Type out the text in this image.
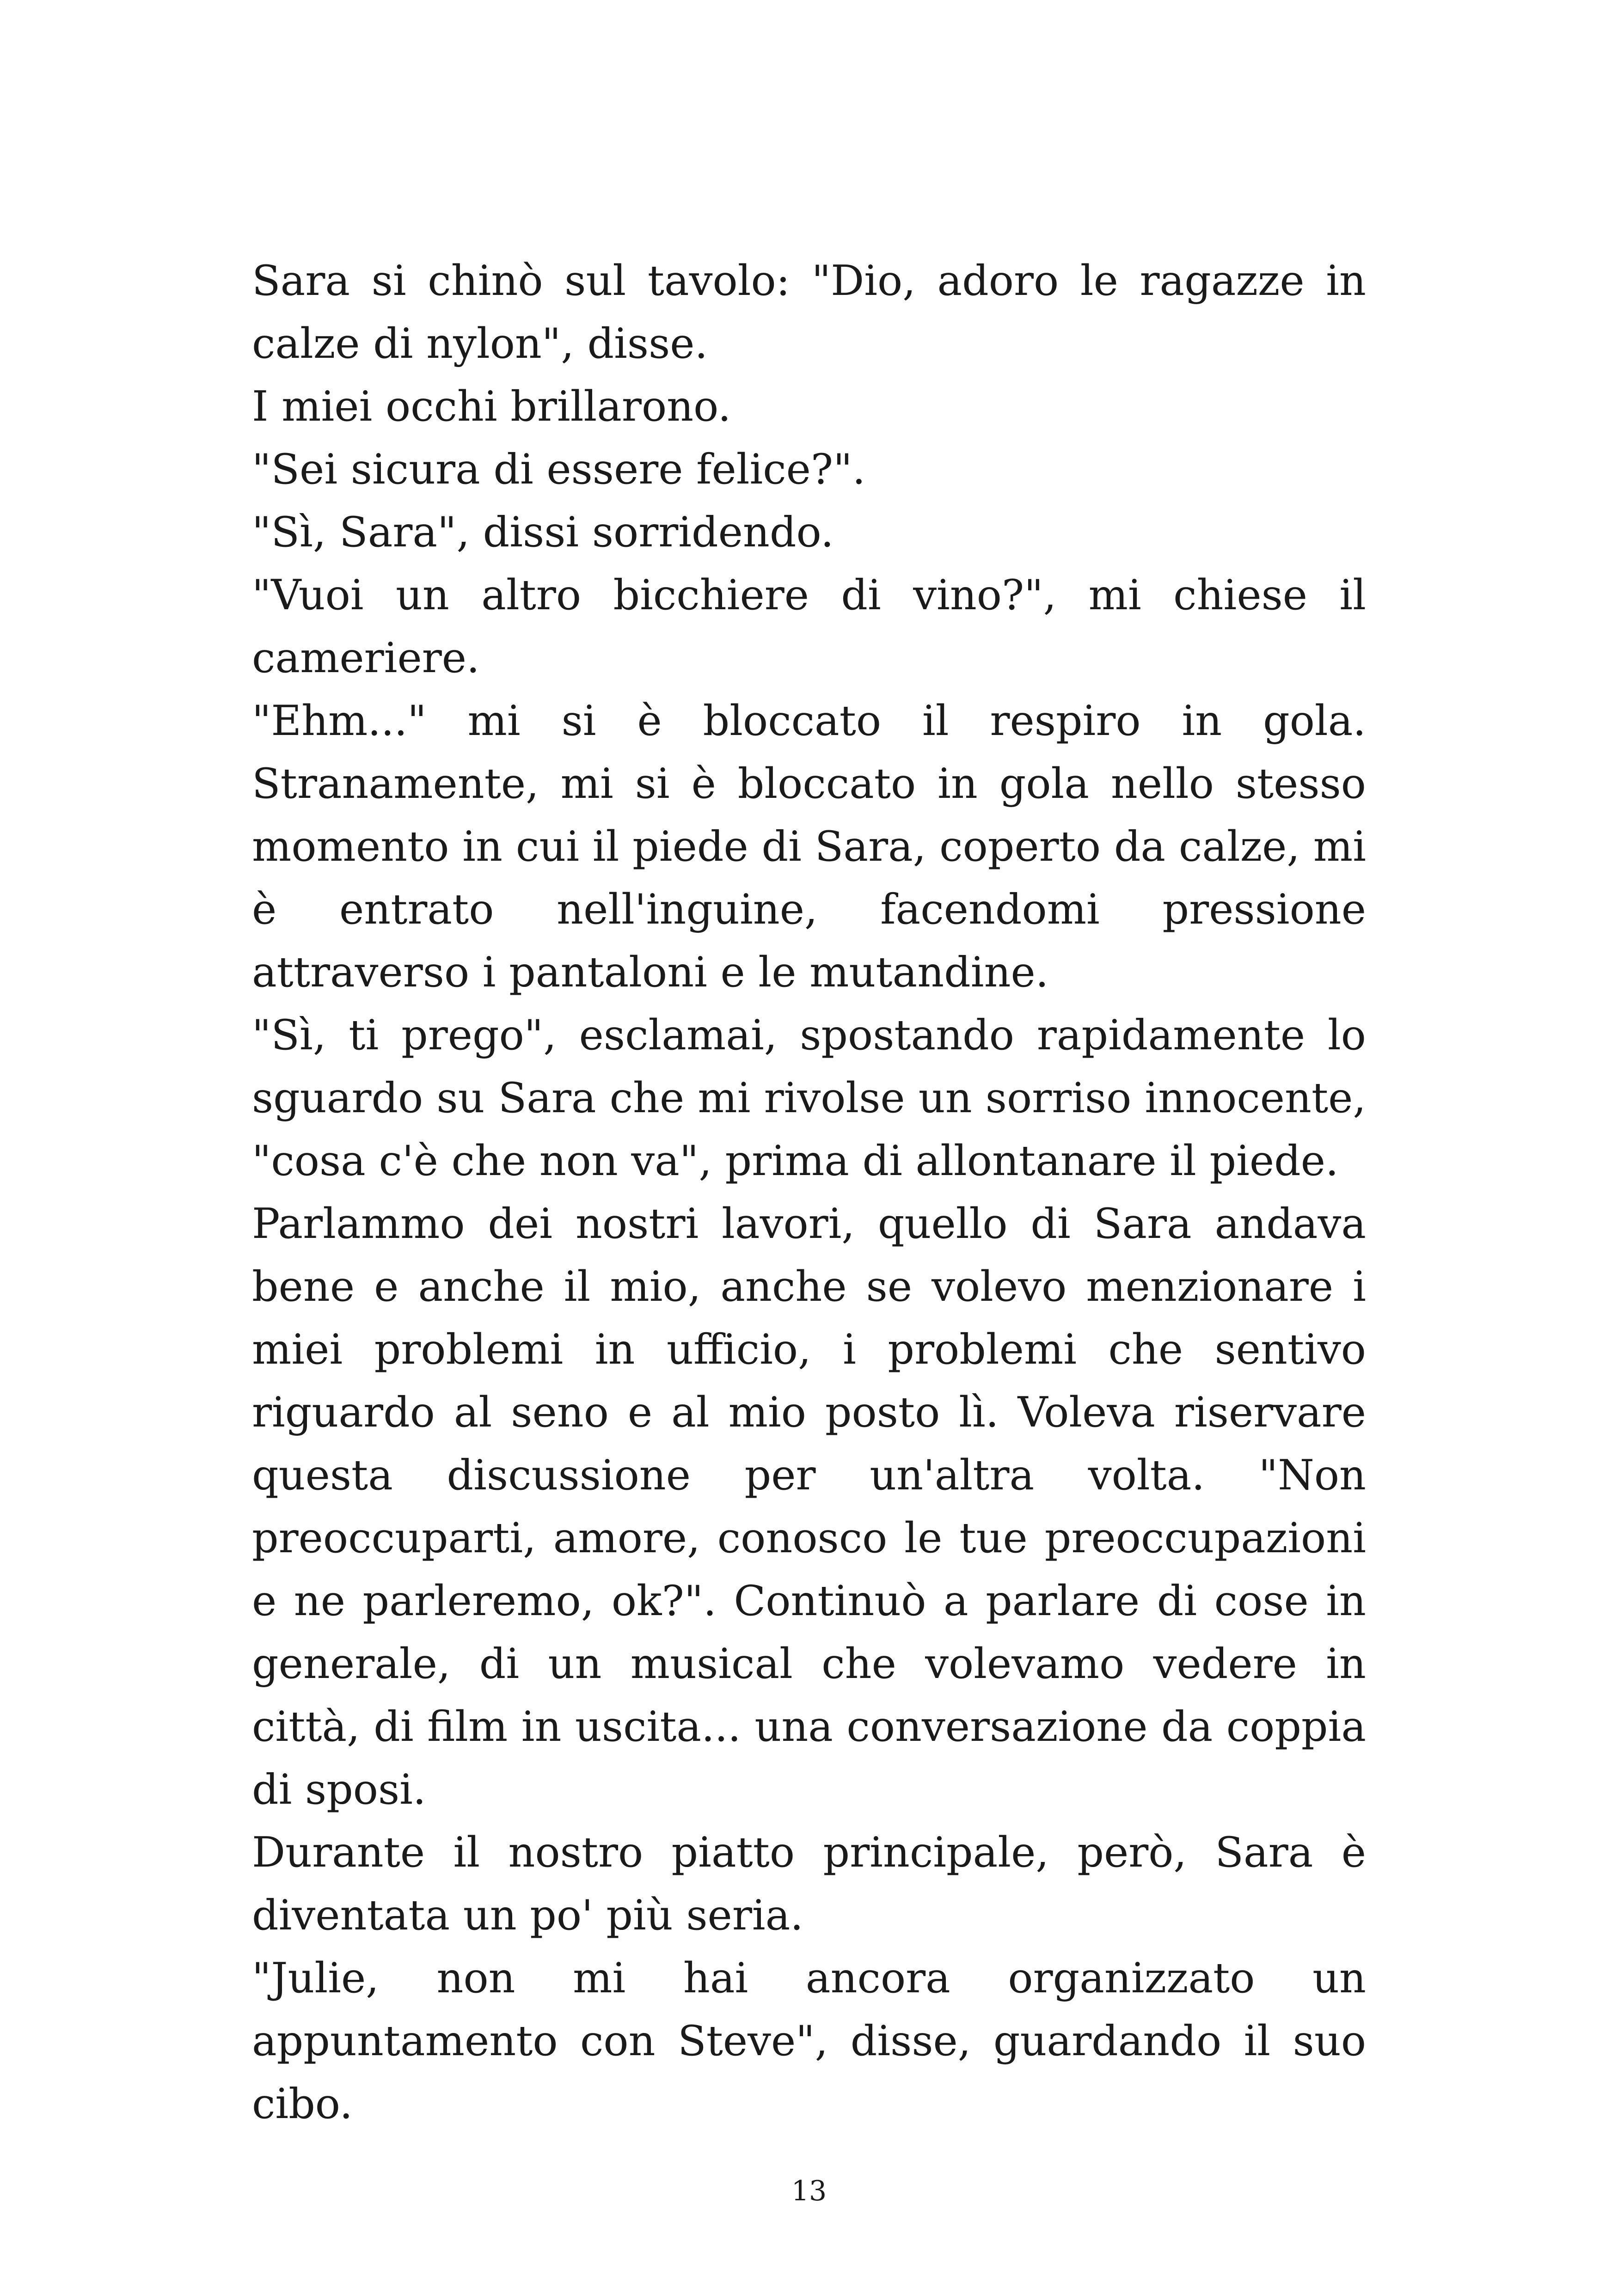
Sara si chinò sul tavolo: "Dio, adoro le ragazze in calze di nylon", disse.

I miei occhi brillarono.

"Sei sicura di essere felice?".

"Sì, Sara", dissi sorridendo.

"Vuoi un altro bicchiere di vino?", mi chiese il cameriere.

"Ehm..." mi si è bloccato il respiro in gola. Stranamente, mi si è bloccato in gola nello stesso momento in cui il piede di Sara, coperto da calze, mi è entrato nell'inguine, facendomi pressione attraverso i pantaloni e le mutandine.

"Sì, ti prego", esclamai, spostando rapidamente lo sguardo su Sara che mi rivolse un sorriso innocente, "cosa c'è che non va", prima di allontanare il piede.

Parlammo dei nostri lavori, quello di Sara andava bene e anche il mio, anche se volevo menzionare i miei problemi in ufficio, i problemi che sentivo riguardo al seno e al mio posto lì. Voleva riservare questa discussione per un'altra volta. "Non preoccuparti, amore, conosco le tue preoccupazioni e ne parleremo, ok?". Continuò a parlare di cose in generale, di un musical che volevamo vedere in città, di film in uscita... una conversazione da coppia di sposi.

Durante il nostro piatto principale, però, Sara è diventata un po' più seria.

"Julie, non mi hai ancora organizzato un appuntamento con Steve", disse, guardando il suo cibo.

13
